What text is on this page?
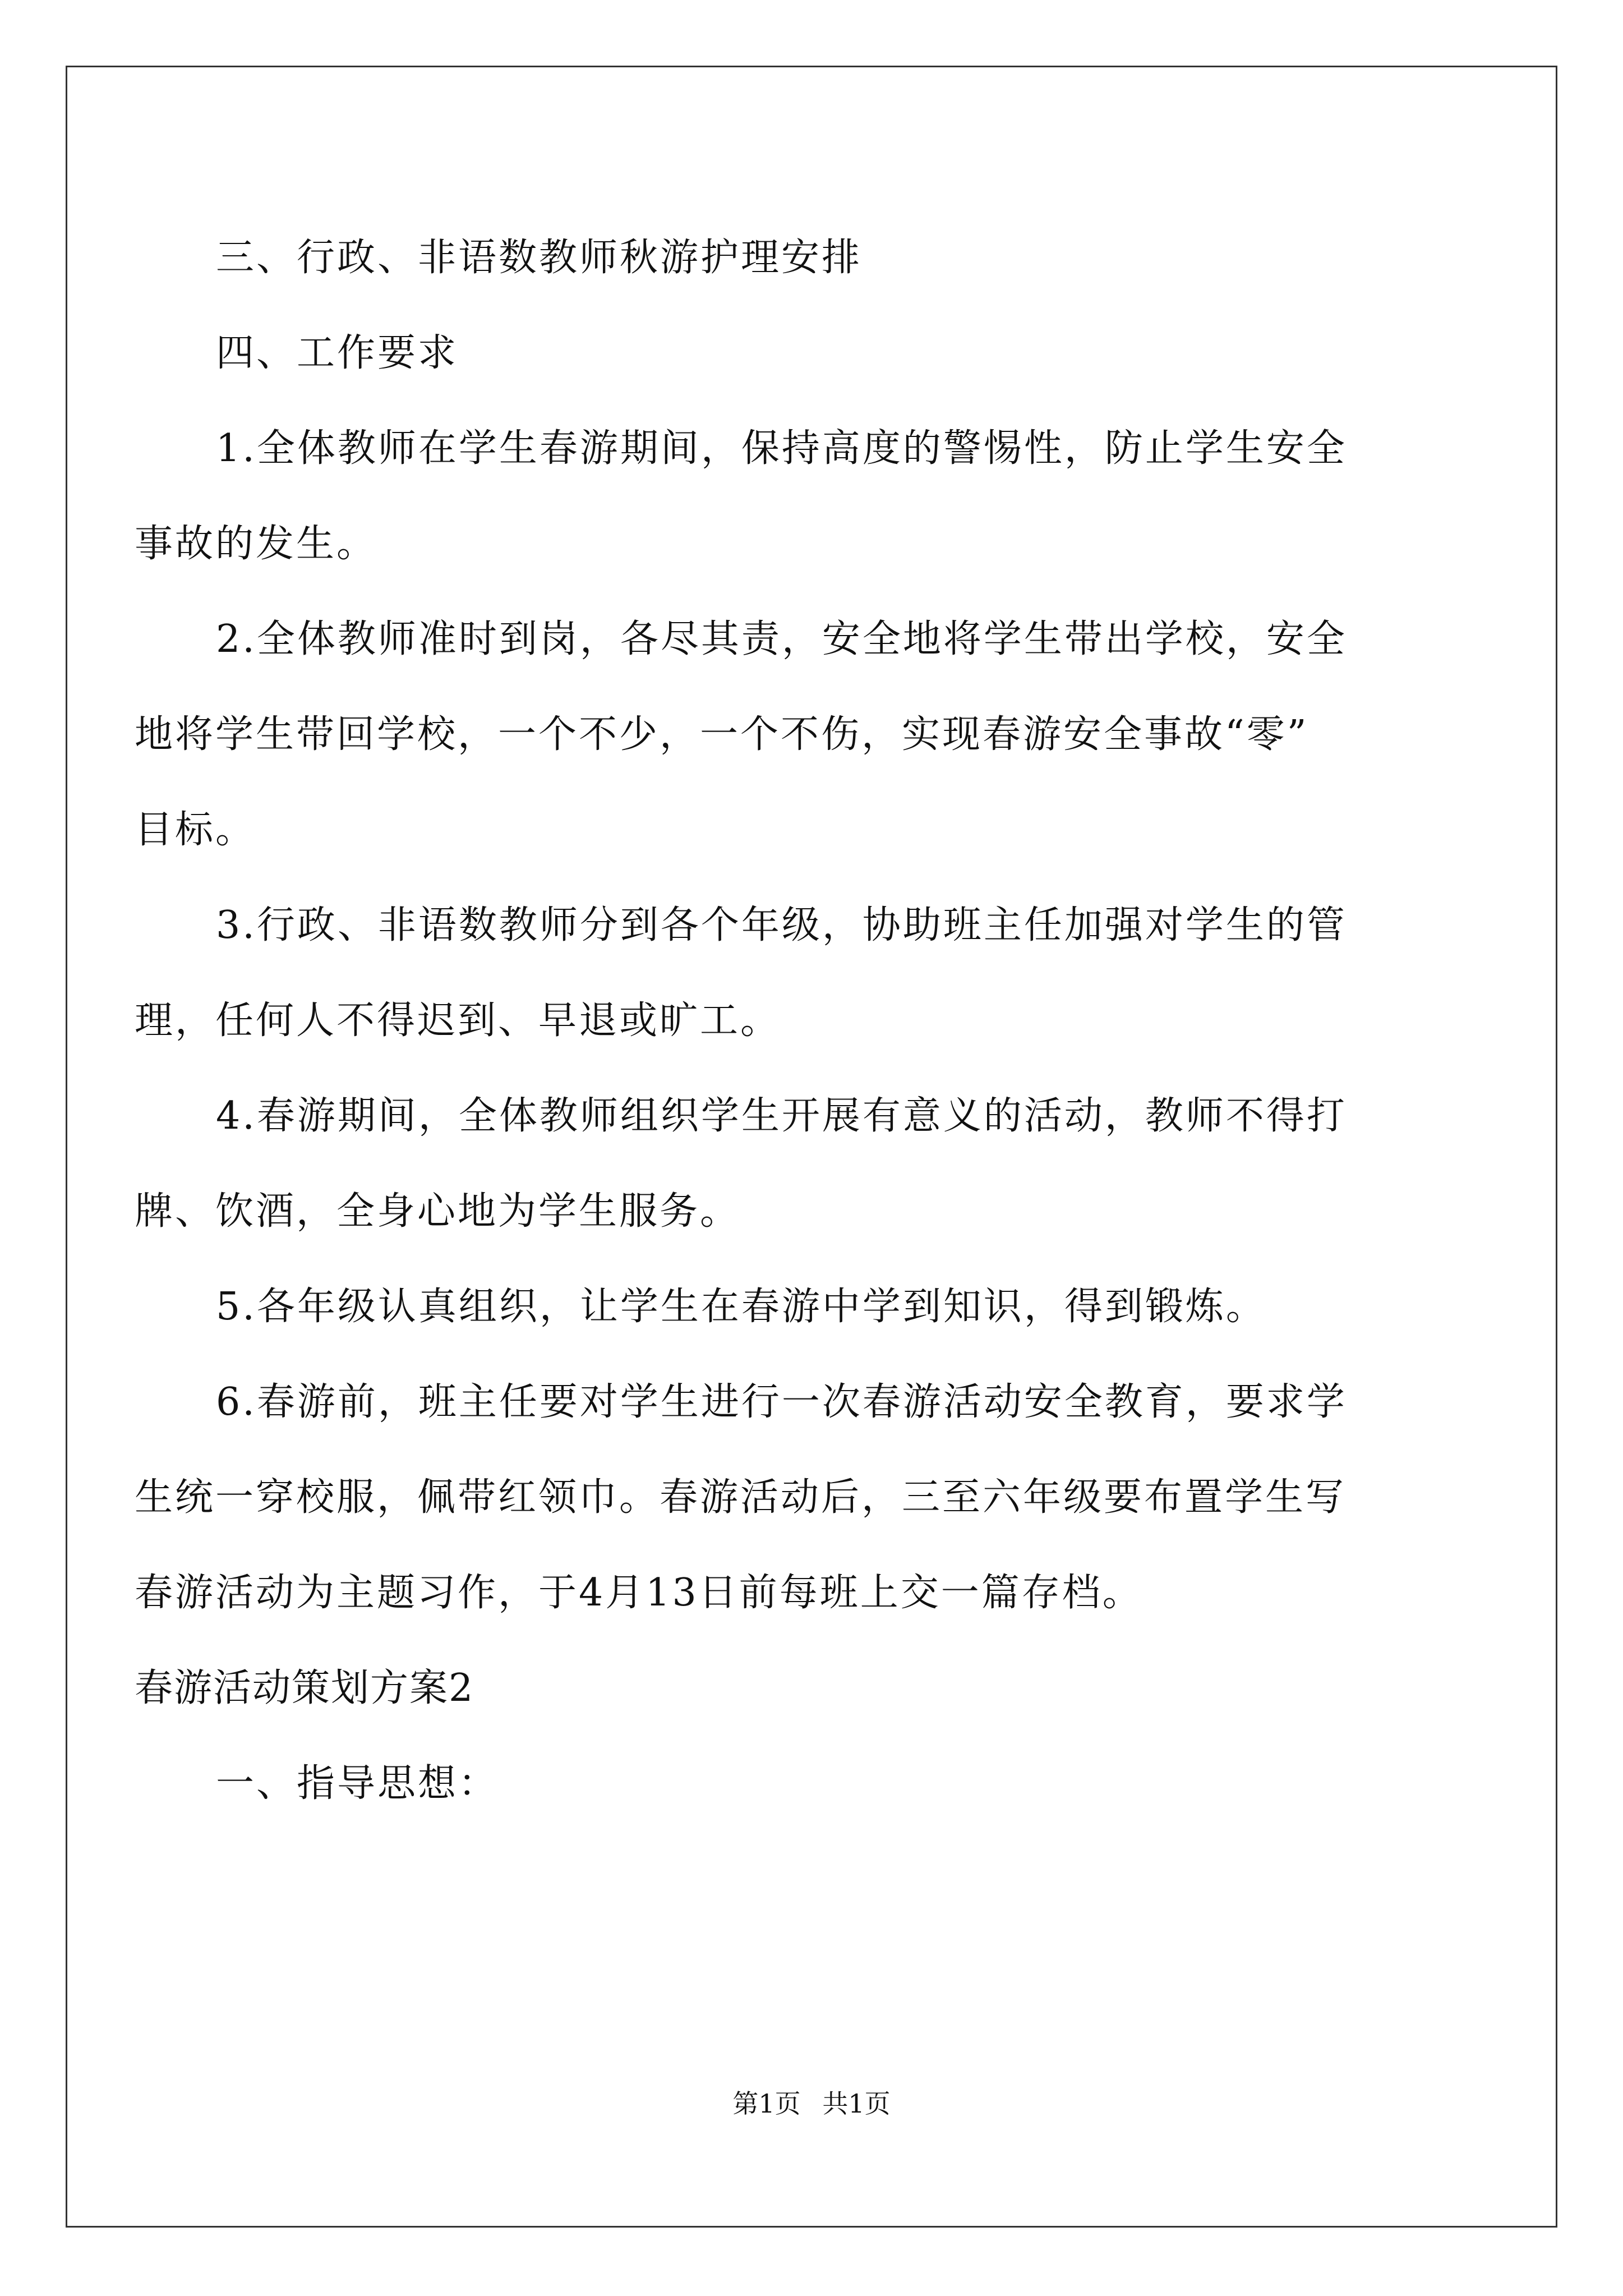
三、行政、非语数教师秋游护理安排
四、工作要求
1.全体教师在学生春游期间，保持高度的警惕性，防止学生安全
事故的发生。
2.全体教师准时到岗，各尽其责，安全地将学生带出学校，安全
地将学生带回学校，一个不少，一个不伤，实现春游安全事故“零”
目标。
3.行政、非语数教师分到各个年级，协助班主任加强对学生的管
理，任何人不得迟到、早退或旷工。
4.春游期间，全体教师组织学生开展有意义的活动，教师不得打
牌、饮酒，全身心地为学生服务。
5.各年级认真组织，让学生在春游中学到知识，得到锻炼。
6.春游前，班主任要对学生进行一次春游活动安全教育，要求学
生统一穿校服，佩带红领巾。春游活动后，三至六年级要布置学生写
春游活动为主题习作，于4月13日前每班上交一篇存档。
春游活动策划方案2
一、指导思想：
第1页 共1页
